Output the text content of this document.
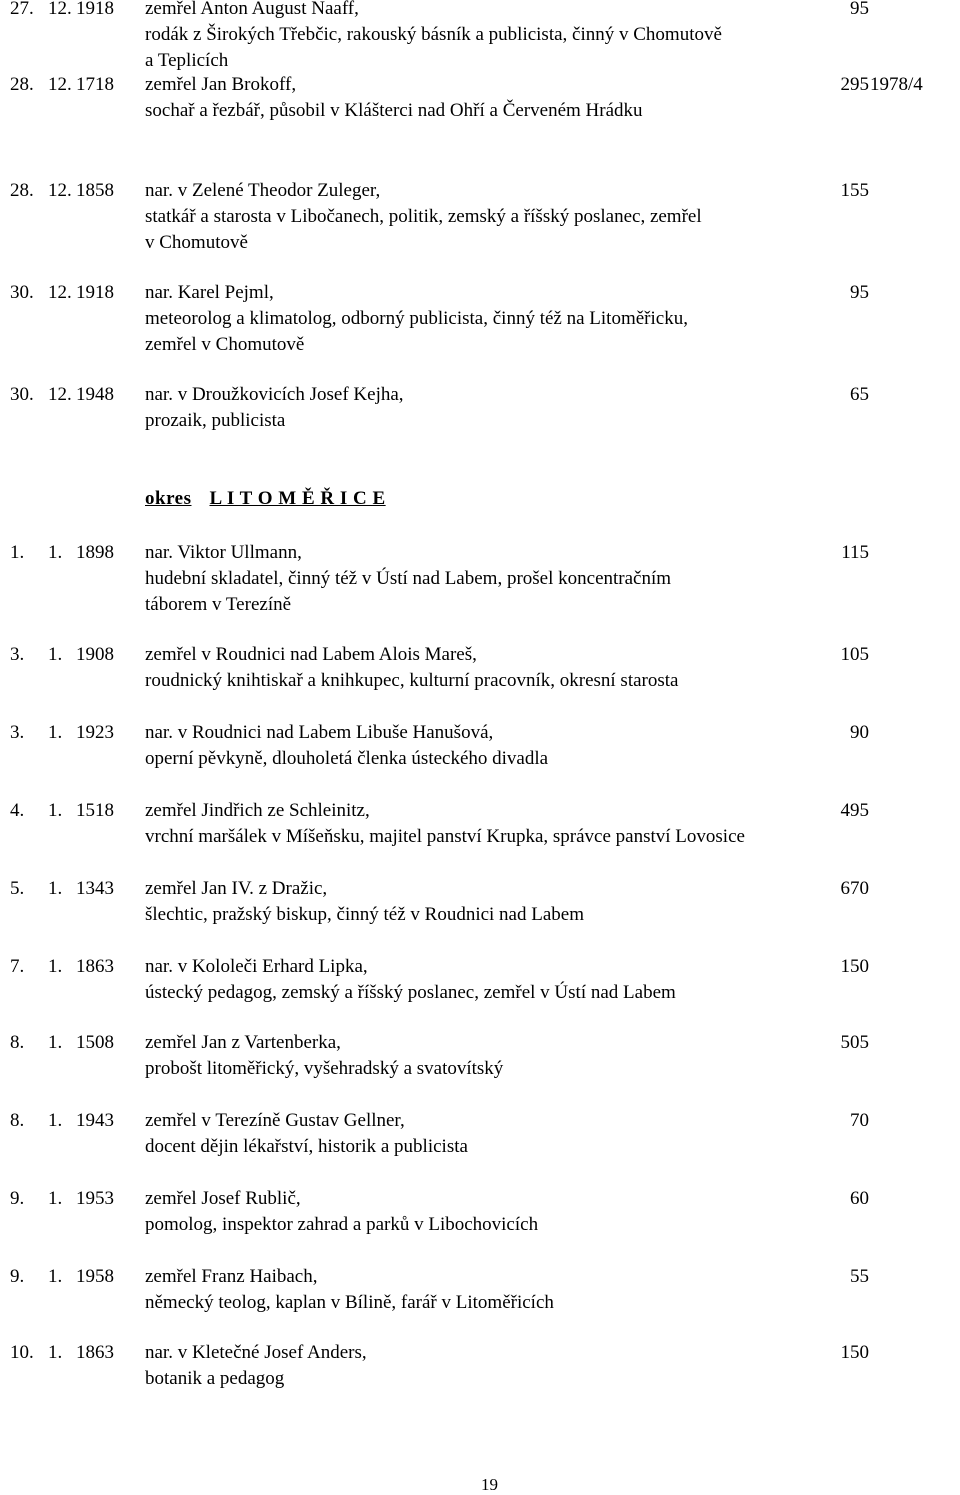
27. 12. 1918 zemřel Anton August Naaff,	95
rodák z Širokých Třebčic, rakouský básník a publicista, činný v Chomutově
a Teplicích
28. 12. 1718 zemřel Jan Brokoff,	295 1978/4
sochař a řezbář, působil v Klášterci nad Ohří a Červeném Hrádku
28. 12. 1858 nar. v Zelené Theodor Zuleger,	155
statkář a starosta v Libočanech, politik, zemský a říšský poslanec, zemřel
v Chomutově
30. 12. 1918 nar. Karel Pejml,	95
meteorolog a klimatolog, odborný publicista, činný též na Litoměřicku,
zemřel v Chomutově
30. 12. 1948 nar. v Droužkovicích Josef Kejha,	65
prozaik, publicista
okres L I T O M Ě Ř I C E
1. 1. 1898 nar. Viktor Ullmann,	115
hudební skladatel, činný též v Ústí nad Labem, prošel koncentračním
táborem v Terezíně
3. 1. 1908 zemřel v Roudnici nad Labem Alois Mareš,	105
roudnický knihtiskař a knihkupec, kulturní pracovník, okresní starosta
3. 1. 1923 nar. v Roudnici nad Labem Libuše Hanušová,	90
operní pěvkyně, dlouholetá členka ústeckého divadla
4. 1. 1518 zemřel Jindřich ze Schleinitz,	495
vrchní maršálek v Míšeňsku, majitel panství Krupka, správce panství Lovosice
5. 1. 1343 zemřel Jan IV. z Dražic,	670
šlechtic, pražský biskup, činný též v Roudnici nad Labem
7. 1. 1863 nar. v Kololeči Erhard Lipka,	150
ústecký pedagog, zemský a říšský poslanec, zemřel v Ústí nad Labem
8. 1. 1508 zemřel Jan z Vartenberka,	505
probošt litoměřický, vyšehradský a svatovítský
8. 1. 1943 zemřel v Terezíně Gustav Gellner,	70
docent dějin lékařství, historik a publicista
9. 1. 1953 zemřel Josef Rublič,	60
pomolog, inspektor zahrad a parků v Libochovicích
9. 1. 1958 zemřel Franz Haibach,	55
německý teolog, kaplan v Bílině, farář v Litoměřicích
10. 1. 1863 nar. v Kletečné Josef Anders,	150
botanik a pedagog
19
